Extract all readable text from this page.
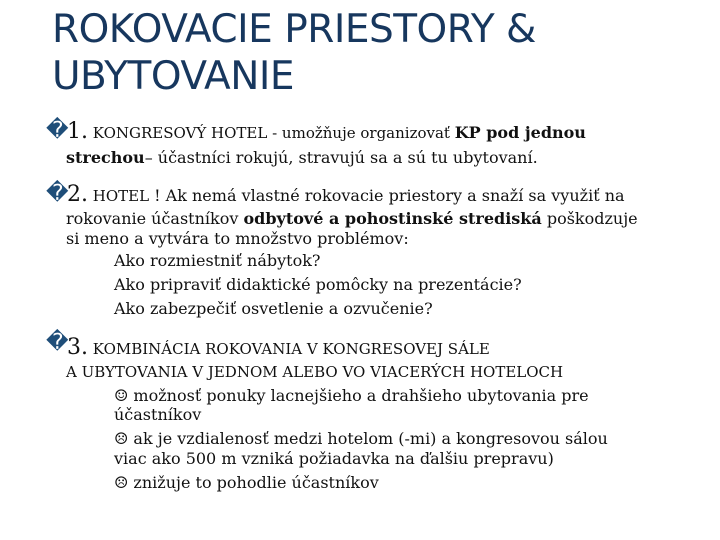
ROKOVACIE PRIESTORY &
UBYTOVANIE
�
1. KONGRESOVÝ HOTEL - umožňuje organizovať KP pod jednou
strechou– účastníci rokujú, stravujú sa a sú tu ubytovaní.
�
2. HOTEL ! Ak nemá vlastné rokovacie priestory a snaží sa využiť na
rokovanie účastníkov odbytové a pohostinské strediská poškodzuje
si meno a vytvára to množstvo problémov:
Ako rozmiestniť nábytok?
Ako pripraviť didaktické pomôcky na prezentácie?
Ako zabezpečiť osvetlenie a ozvučenie?
�
3. KOMBINÁCIA ROKOVANIA V KONGRESOVEJ SÁLE
A UBYTOVANIA V JEDNOM ALEBO VO VIACERÝCH HOTELOCH
☺ možnosť ponuky lacnejšieho a drahšieho ubytovania pre
účastníkov
☹ ak je vzdialenosť medzi hotelom (-mi) a kongresovou sálou
viac ako 500 m vzniká požiadavka na ďalšiu prepravu)
☹ znižuje to pohodlie účastníkov
